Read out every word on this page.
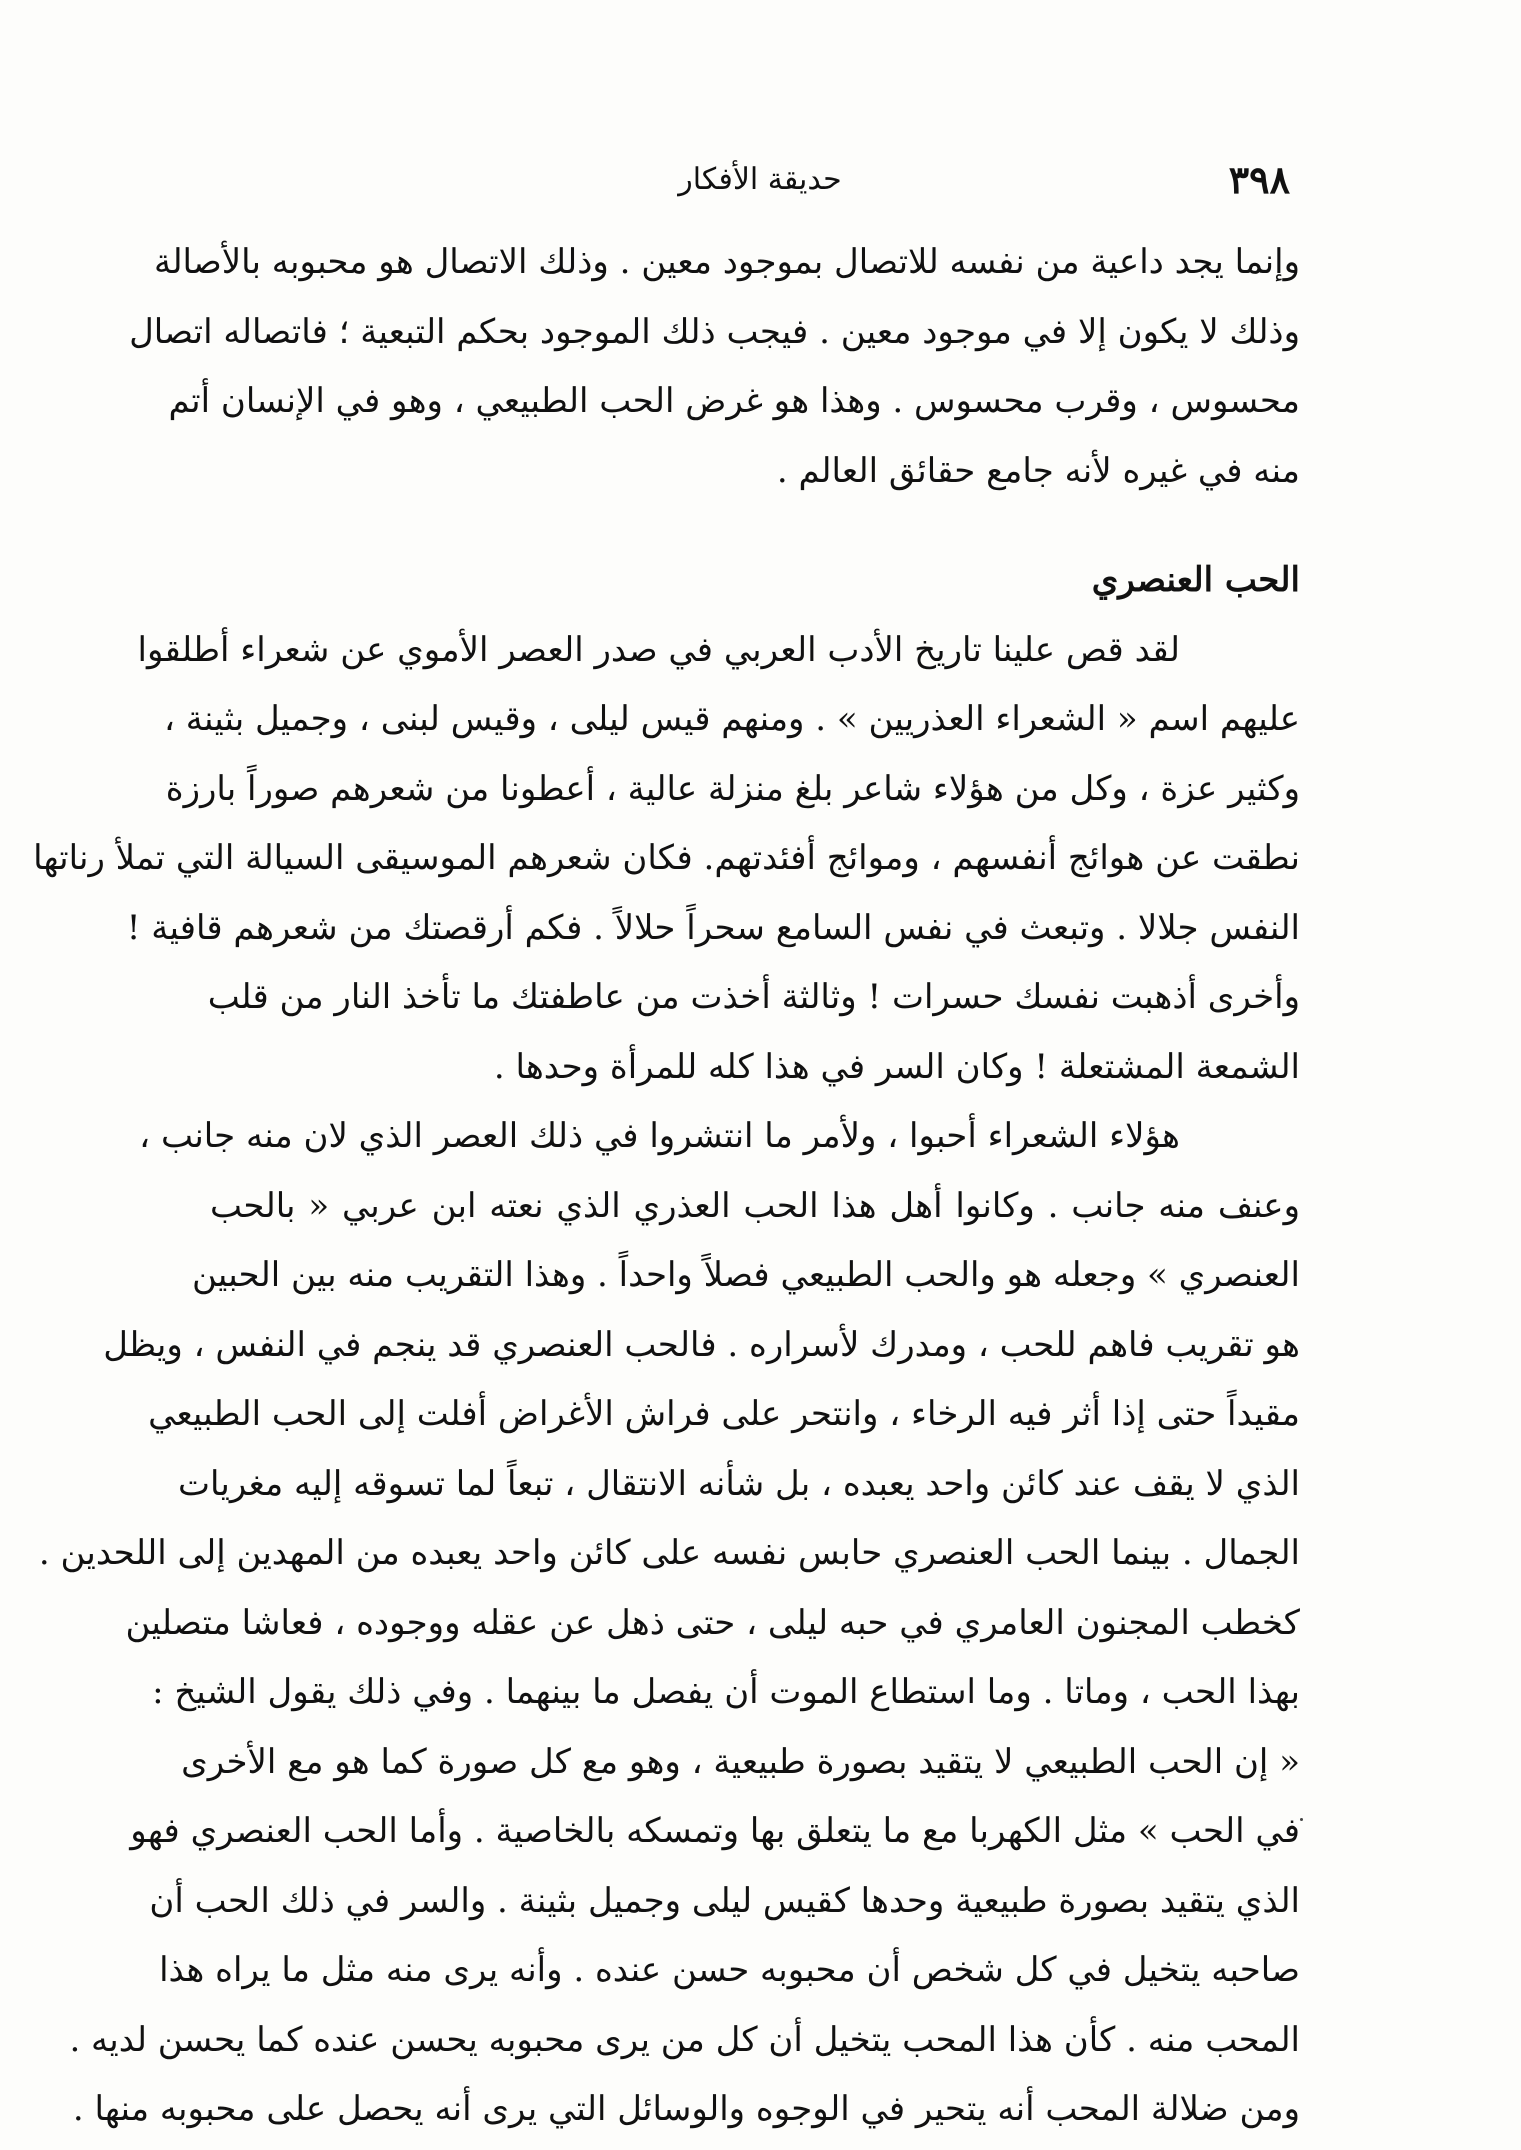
٣٩٨
حديقة الأفكار
وإنما يجد داعية من نفسه للاتصال بموجود معين . وذلك الاتصال هو محبوبه بالأصالة
وذلك لا يكون إلا في موجود معين . فيجب ذلك الموجود بحكم التبعية ؛ فاتصاله اتصال
محسوس ، وقرب محسوس . وهذا هو غرض الحب الطبيعي ، وهو في الإنسان أتم
منه في غيره لأنه جامع حقائق العالم .
الحب العنصري
لقد قص علينا تاريخ الأدب العربي في صدر العصر الأموي عن شعراء أطلقوا
عليهم اسم « الشعراء العذريين » . ومنهم قيس ليلى ، وقيس لبنى ، وجميل بثينة ،
وكثير عزة ، وكل من هؤلاء شاعر بلغ منزلة عالية ، أعطونا من شعرهم صوراً بارزة
نطقت عن هوائج أنفسهم ، وموائج أفئدتهم. فكان شعرهم الموسيقى السيالة التي تملأ رناتها
النفس جلالا . وتبعث في نفس السامع سحراً حلالاً . فكم أرقصتك من شعرهم قافية !
وأخرى أذهبت نفسك حسرات ! وثالثة أخذت من عاطفتك ما تأخذ النار من قلب
الشمعة المشتعلة ! وكان السر في هذا كله للمرأة وحدها .
هؤلاء الشعراء أحبوا ، ولأمر ما انتشروا في ذلك العصر الذي لان منه جانب ،
وعنف منه جانب . وكانوا أهل هذا الحب العذري الذي نعته ابن عربي « بالحب
العنصري » وجعله هو والحب الطبيعي فصلاً واحداً . وهذا التقريب منه بين الحبين
هو تقريب فاهم للحب ، ومدرك لأسراره . فالحب العنصري قد ينجم في النفس ، ويظل
مقيداً حتى إذا أثر فيه الرخاء ، وانتحر على فراش الأغراض أفلت إلى الحب الطبيعي
الذي لا يقف عند كائن واحد يعبده ، بل شأنه الانتقال ، تبعاً لما تسوقه إليه مغريات
الجمال . بينما الحب العنصري حابس نفسه على كائن واحد يعبده من المهدين إلى اللحدين .
كخطب المجنون العامري في حبه ليلى ، حتى ذهل عن عقله ووجوده ، فعاشا متصلين
بهذا الحب ، وماتا . وما استطاع الموت أن يفصل ما بينهما . وفي ذلك يقول الشيخ :
« إن الحب الطبيعي لا يتقيد بصورة طبيعية ، وهو مع كل صورة كما هو مع الأخرى
في الحب » مثل الكهربا مع ما يتعلق بها وتمسكه بالخاصية . وأما الحب العنصري فهو
الذي يتقيد بصورة طبيعية وحدها كقيس ليلى وجميل بثينة . والسر في ذلك الحب أن
صاحبه يتخيل في كل شخص أن محبوبه حسن عنده . وأنه يرى منه مثل ما يراه هذا
المحب منه . كأن هذا المحب يتخيل أن كل من يرى محبوبه يحسن عنده كما يحسن لديه .
ومن ضلالة المحب أنه يتحير في الوجوه والوسائل التي يرى أنه يحصل على محبوبه منها .
